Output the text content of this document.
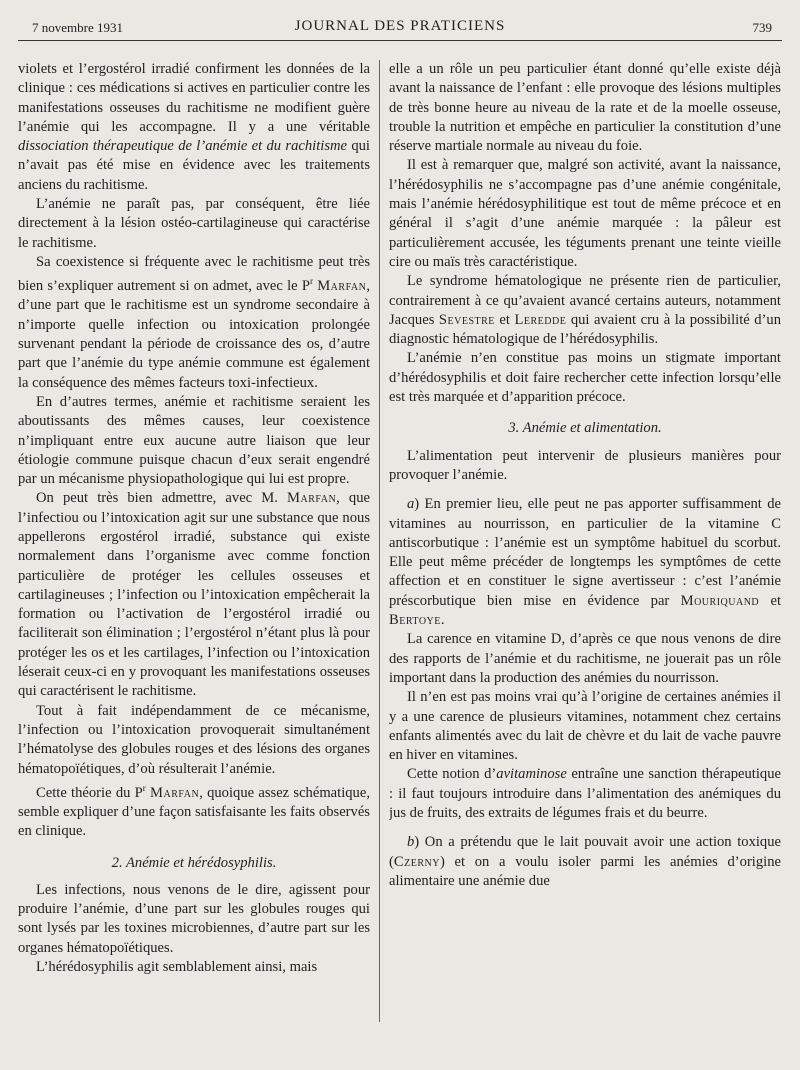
7 novembre 1931	JOURNAL DES PRATICIENS	739

violets et l’ergostérol irradié confirment les données de la clinique : ces médications si actives en particulier contre les manifestations osseuses du rachitisme ne modifient guère l’anémie qui les accompagne. Il y a une véritable dissociation thérapeutique de l’anémie et du rachitisme qui n’avait pas été mise en évidence avec les traitements anciens du rachitisme.

L’anémie ne paraît pas, par conséquent, être liée directement à la lésion ostéo-cartilagineuse qui caractérise le rachitisme.

Sa coexistence si fréquente avec le rachitisme peut très bien s’expliquer autrement si on admet, avec le $P^r$ Marfan, d’une part que le rachitisme est un syndrome secondaire à n’importe quelle infection ou intoxication prolongée survenant pendant la période de croissance des os, d’autre part que l’anémie du type anémie commune est également la conséquence des mêmes facteurs toxi-infectieux.

En d’autres termes, anémie et rachitisme seraient les aboutissants des mêmes causes, leur coexistence n’impliquant entre eux aucune autre liaison que leur étiologie commune puisque chacun d’eux serait engendré par un mécanisme physiopathologique qui lui est propre.

On peut très bien admettre, avec M. Marfan, que l’infectiou ou l’intoxication agit sur une substance que nous appellerons ergostérol irradié, substance qui existe normalement dans l’organisme avec comme fonction particulière de protéger les cellules osseuses et cartilagineuses ; l’infection ou l’intoxication empêcherait la formation ou l’activation de l’ergostérol irradié ou faciliterait son élimination ; l’ergostérol n’étant plus là pour protéger les os et les cartilages, l’infection ou l’intoxication léserait ceux-ci en y provoquant les manifestations osseuses qui caractérisent le rachitisme.

Tout à fait indépendamment de ce mécanisme, l’infection ou l’intoxication provoquerait simultanément l’hématolyse des globules rouges et des lésions des organes hématopoïétiques, d’où résulterait l’anémie.

Cette théorie du $P^r$ Marfan, quoique assez schématique, semble expliquer d’une façon satisfaisante les faits observés en clinique.

2. Anémie et hérédosyphilis.

Les infections, nous venons de le dire, agissent pour produire l’anémie, d’une part sur les globules rouges qui sont lysés par les toxines microbiennes, d’autre part sur les organes hématopoïétiques.

L’hérédosyphilis agit semblablement ainsi, mais

elle a un rôle un peu particulier étant donné qu’elle existe déjà avant la naissance de l’enfant : elle provoque des lésions multiples de très bonne heure au niveau de la rate et de la moelle osseuse, trouble la nutrition et empêche en particulier la constitution d’une réserve martiale normale au niveau du foie.

Il est à remarquer que, malgré son activité, avant la naissance, l’hérédosyphilis ne s’accompagne pas d’une anémie congénitale, mais l’anémie hérédosyphilitique est tout de même précoce et en général il s’agit d’une anémie marquée : la pâleur est particulièrement accusée, les téguments prenant une teinte vieille cire ou maïs très caractéristique.

Le syndrome hématologique ne présente rien de particulier, contrairement à ce qu’avaient avancé certains auteurs, notamment Jacques Sevestre et Leredde qui avaient cru à la possibilité d’un diagnostic hématologique de l’hérédosyphilis.

L’anémie n’en constitue pas moins un stigmate important d’hérédosyphilis et doit faire rechercher cette infection lorsqu’elle est très marquée et d’apparition précoce.

3. Anémie et alimentation.

L’alimentation peut intervenir de plusieurs manières pour provoquer l’anémie.

a) En premier lieu, elle peut ne pas apporter suffisamment de vitamines au nourrisson, en particulier de la vitamine C antiscorbutique : l’anémie est un symptôme habituel du scorbut. Elle peut même précéder de longtemps les symptômes de cette affection et en constituer le signe avertisseur : c’est l’anémie préscorbutique bien mise en évidence par Mouriquand et Bertoye.

La carence en vitamine D, d’après ce que nous venons de dire des rapports de l’anémie et du rachitisme, ne jouerait pas un rôle important dans la production des anémies du nourrisson.

Il n’en est pas moins vrai qu’à l’origine de certaines anémies il y a une carence de plusieurs vitamines, notamment chez certains enfants alimentés avec du lait de chèvre et du lait de vache pauvre en hiver en vitamines.

Cette notion d’avitaminose entraîne une sanction thérapeutique : il faut toujours introduire dans l’alimentation des anémiques du jus de fruits, des extraits de légumes frais et du beurre.

b) On a prétendu que le lait pouvait avoir une action toxique (Czerny) et on a voulu isoler parmi les anémies d’origine alimentaire une anémie due
